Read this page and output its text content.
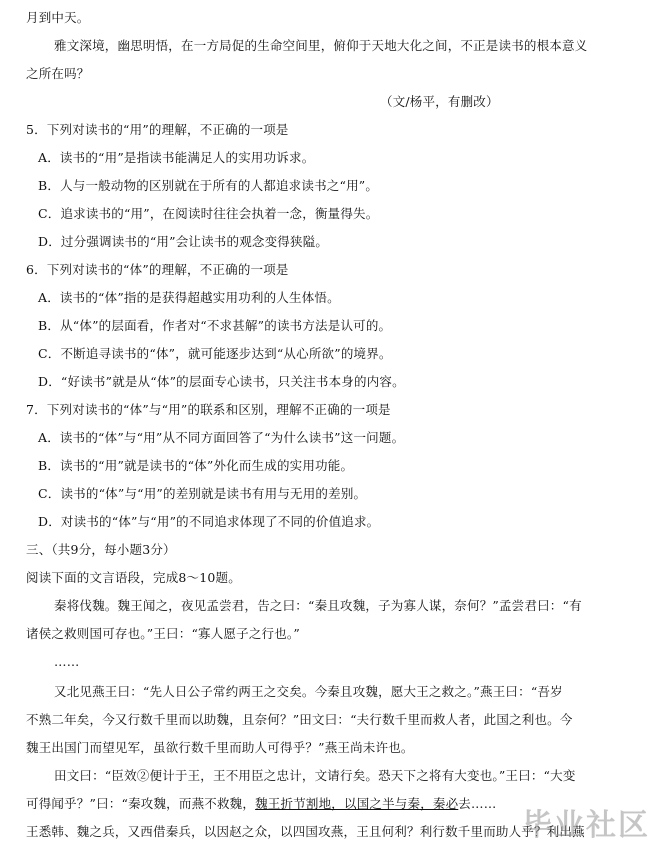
月到中天。
雅文深境，幽思明悟，在一方局促的生命空间里，俯仰于天地大化之间，不正是读书的根本意义
之所在吗？
（文/杨平，有删改）
5．下列对读书的“用”的理解，不正确的一项是
A．读书的“用”是指读书能满足人的实用功诉求。
B．人与一般动物的区别就在于所有的人都追求读书之“用”。
C．追求读书的“用”，在阅读时往往会执着一念，衡量得失。
D．过分强调读书的“用”会让读书的观念变得狭隘。
6．下列对读书的“体”的理解，不正确的一项是
A．读书的“体”指的是获得超越实用功利的人生体悟。
B．从“体”的层面看，作者对“不求甚解”的读书方法是认可的。
C．不断追寻读书的“体”，就可能逐步达到“从心所欲”的境界。
D．“好读书”就是从“体”的层面专心读书，只关注书本身的内容。
7．下列对读书的“体”与“用”的联系和区别，理解不正确的一项是
A．读书的“体”与“用”从不同方面回答了“为什么读书”这一问题。
B．读书的“用”就是读书的“体”外化而生成的实用功能。
C．读书的“体”与“用”的差别就是读书有用与无用的差别。
D．对读书的“体”与“用”的不同追求体现了不同的价值追求。
三、（共9分，每小题3分）
阅读下面的文言语段，完成8～10题。
秦将伐魏。魏王闻之，夜见孟尝君，告之曰：“秦且攻魏，子为寡人谋，奈何？”孟尝君曰：“有
诸侯之救则国可存也。”王曰：“寡人愿子之行也。”
……
又北见燕王曰：“先人日公子常约两王之交矣。今秦且攻魏，愿大王之救之。”燕王曰：“吾岁
不熟二年矣，今又行数千里而以助魏，且奈何？”田文曰：“夫行数千里而救人者，此国之利也。今
魏王出国门而望见军，虽欲行数千里而助人可得乎？”燕王尚未许也。
田文曰：“臣效②便计于王，王不用臣之忠计，文请行矣。恐天下之将有大变也。”王曰：“大变
可得闻乎？”曰：“秦攻魏，而燕不救魏，魏王折节割地，以国之半与秦，秦必去……
王悉韩、魏之兵，又西借秦兵，以因赵之众，以四国攻燕，王且何利？利行数千里而助人乎？利出燕
毕业社区
